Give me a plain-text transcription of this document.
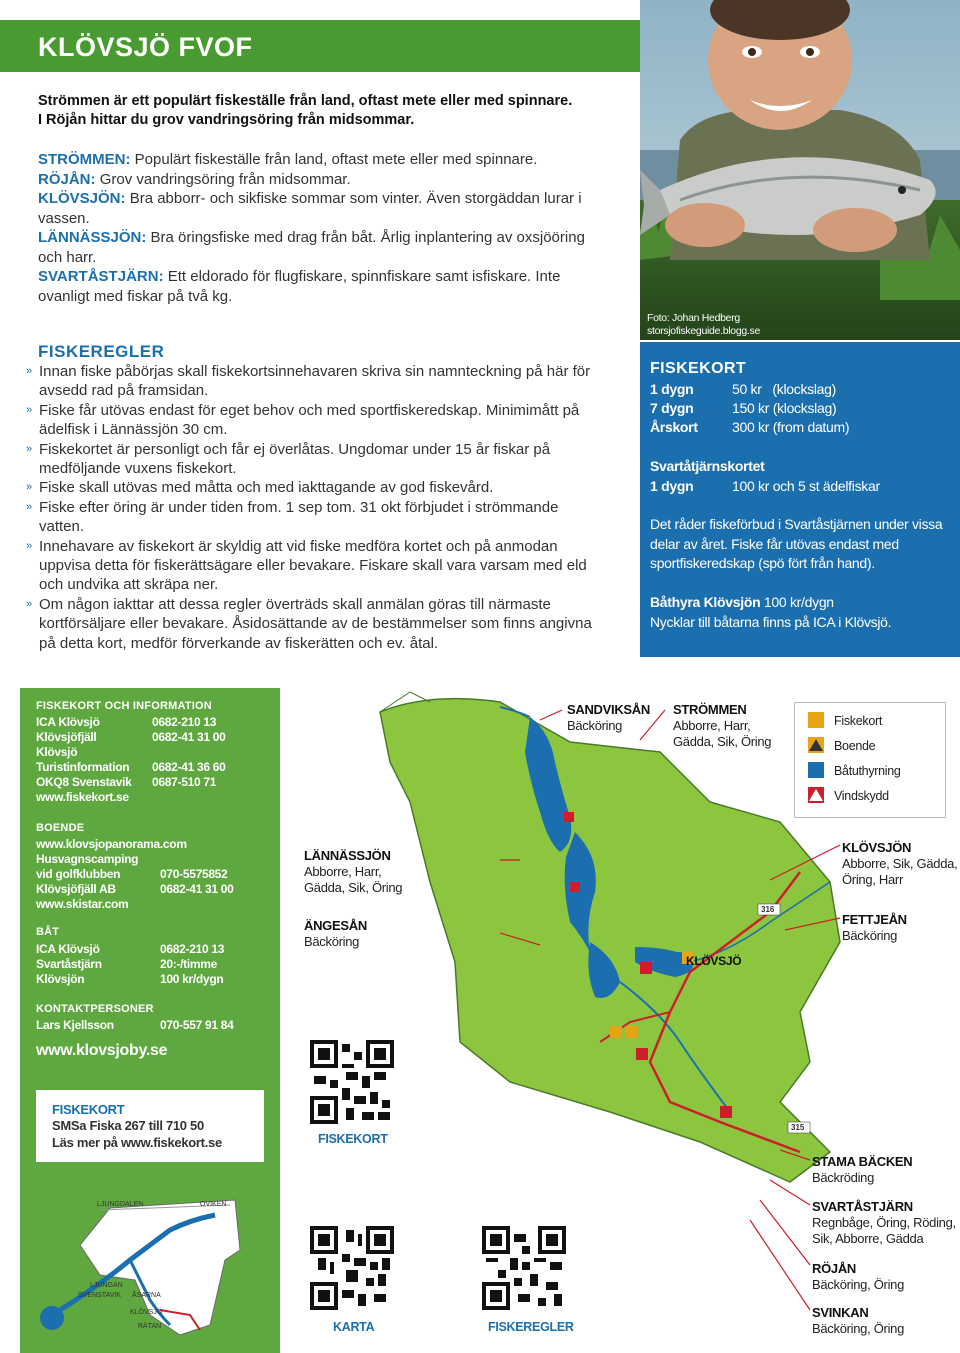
KLÖVSJÖ FVOF
Foto: Johan Hedberg
storsjofiskeguide.blogg.se
Strömmen är ett populärt fiskeställe från land, oftast mete eller med spinnare.
I Röjån hittar du grov vandringsöring från midsommar.

STRÖMMEN: Populärt fiskeställe från land, oftast mete eller med spinnare.

RÖJÅN: Grov vandringsöring från midsommar.

KLÖVSJÖN: Bra abborr- och sikfiske sommar som vinter. Även storgäddan lurar i vassen.

LÄNNÄSSJÖN: Bra öringsfiske med drag från båt. Årlig inplantering av oxsjööring och harr.

SVARTÅSTJÄRN: Ett eldorado för flugfiskare, spinnfiskare samt isfiskare. Inte ovanligt med fiskar på två kg.

FISKEREGLER

» Innan fiske påbörjas skall fiskekortsinnehavaren skriva sin namnteckning på här för avsedd rad på framsidan.

» Fiske får utövas endast för eget behov och med sportfiskeredskap. Minimimått på ädelfisk i Lännässjön 30 cm.

» Fiskekortet är personligt och får ej överlåtas. Ungdomar under 15 år fiskar på medföljande vuxens fiskekort.

» Fiske skall utövas med måtta och med iakttagande av god fiskevård.

» Fiske efter öring är under tiden from. 1 sep tom. 31 okt förbjudet i strömmande vatten.

» Innehavare av fiskekort är skyldig att vid fiske medföra kortet och på anmodan uppvisa detta för fiskerättsägare eller bevakare. Fiskare skall vara varsam med eld och undvika att skräpa ner.

» Om någon iakttar att dessa regler överträds skall anmälan göras till närmaste kortförsäljare eller bevakare. Åsidosättande av de bestämmelser som finns angivna på detta kort, medför förverkande av fiskerätten och ev. åtal.

FISKEKORT
1 dygn	50 kr   (klockslag)
7 dygn	150 kr (klockslag)
Årskort 300 kr (from datum)
Svartåtjärnskortet
1 dygn	100 kr och 5 st ädelfiskar
Det råder fiskeförbud i Svartåstjärnen under vissa delar av året. Fiske får utövas endast med sportfiskeredskap (spö fört från hand).
Båthyra Klövsjön 100 kr/dygn
Nycklar till båtarna finns på ICA i Klövsjö.
FISKEKORT OCH INFORMATION
ICA Klövsjö	0682-210 13
Klövsjöfjäll	0682-41 31 00
Klövsjö
Turistinformation 0682-41 36 60
OKQ8 Svenstavik 0687-510 71
www.fiskekort.se
BOENDE
www.klovsjopanorama.com
Husvagnscamping
vid golfklubben	070-5575852
Klövsjöfjäll AB	0682-41 31 00
www.skistar.com
BÅT
ICA Klövsjö	0682-210 13
Svartåstjärn	20:-/timme
Klövsjön	100 kr/dygn
KONTAKTPERSONER
Lars Kjellsson	070-557 91 84
www.klovsjoby.se
FISKEKORT
SMSa Fiska 267 till 710 50
Läs mer på www.fiskekort.se
LJUNGDALEN	OVIKEN
LJUNGAN
SVENSTAVIK ÅSARNA
KLÖVSJÖ
RÄTAN
SANDVIKSÅN
Bäcköring
STRÖMMEN
Abborre, Harr,
Gädda, Sik, Öring
LÄNNÄSSJÖN
Abborre, Harr,
Gädda, Sik, Öring
ÄNGESÅN
Bäcköring
KLÖVSJÖN
Abborre, Sik, Gädda,
Öring, Harr
FETTJEÅN
Bäcköring
STAMA BÄCKEN
Bäckröding
SVARTÅSTJÄRN
Regnbåge, Öring, Röding,
Sik, Abborre, Gädda
RÖJÅN
Bäcköring, Öring
SVINKAN
Bäcköring, Öring
KLÖVSJÖ
316
315
Fiskekort
Boende
Båtuthyrning
Vindskydd
FISKEKORT
KARTA	FISKEREGLER
